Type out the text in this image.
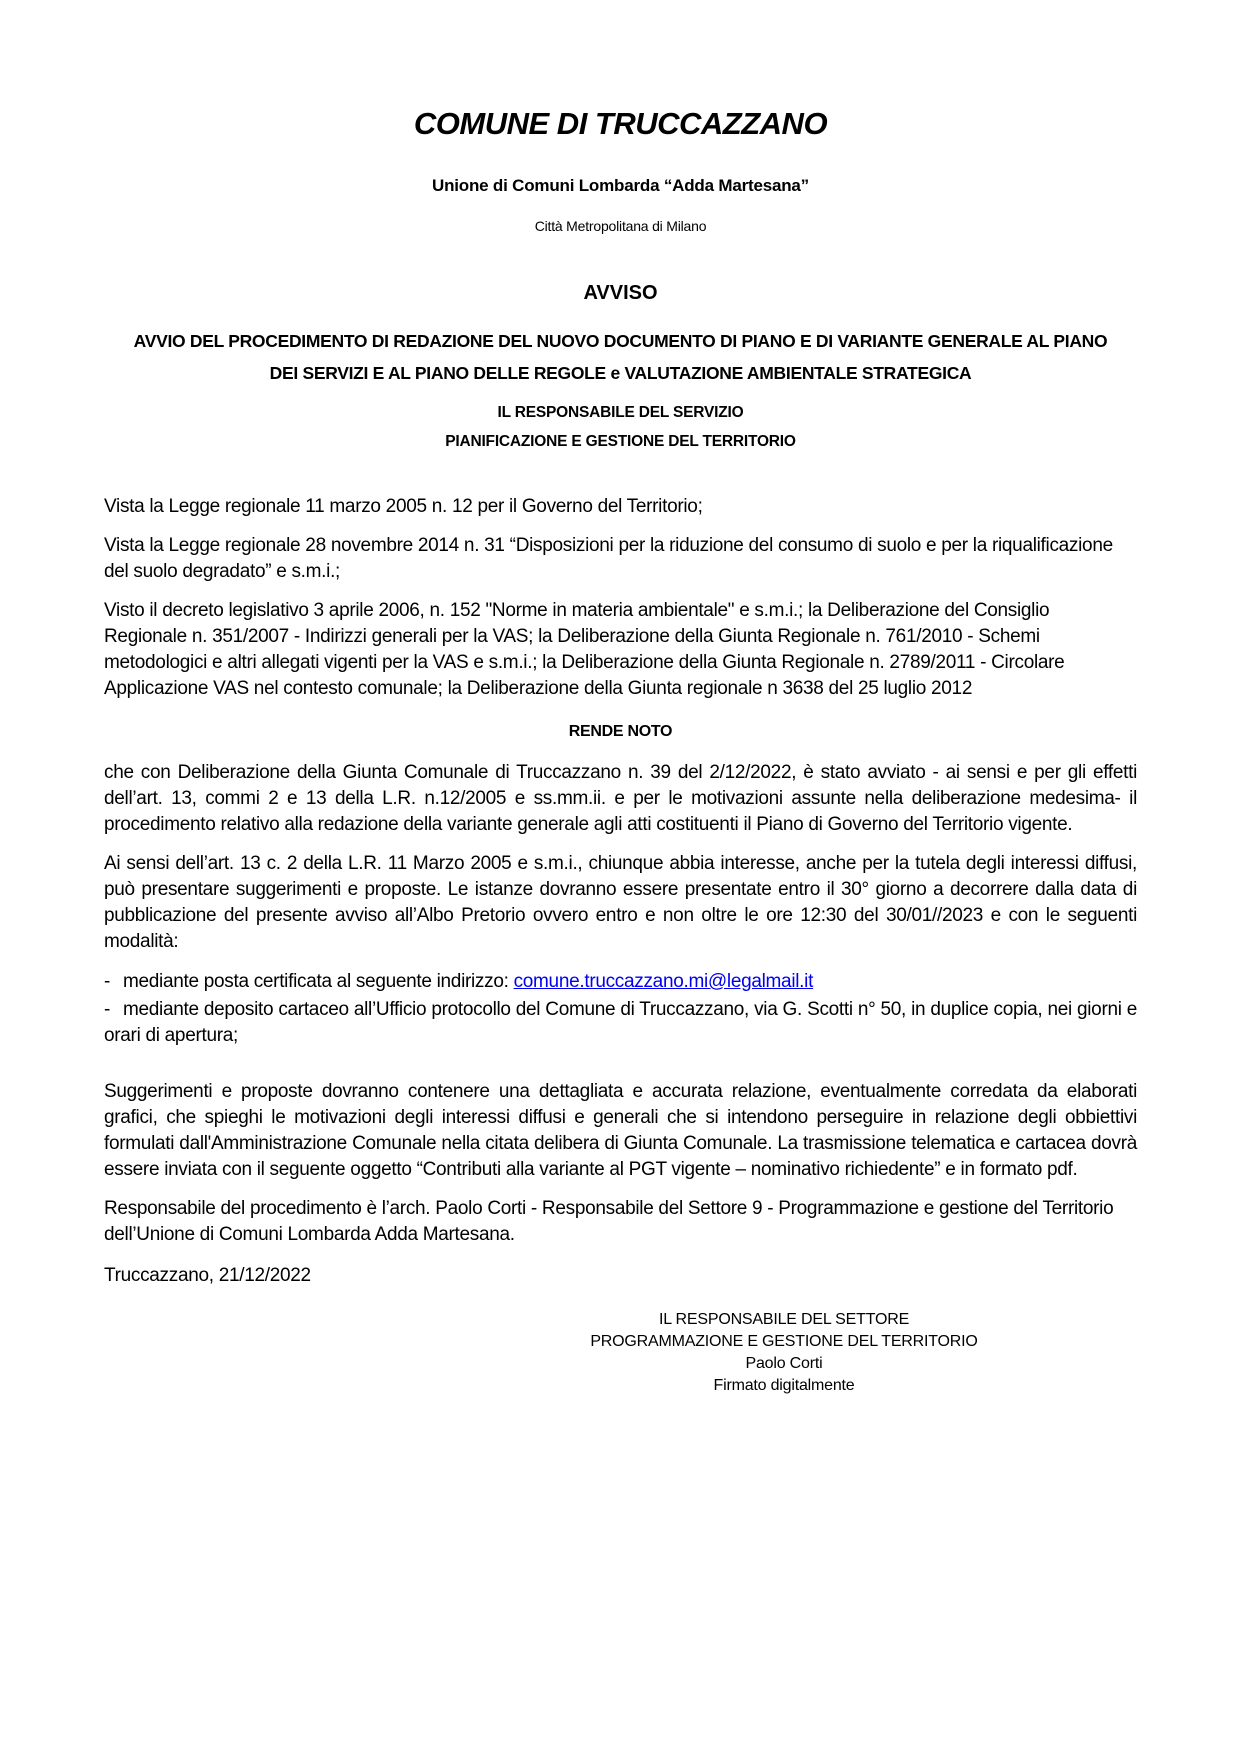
COMUNE DI TRUCCAZZANO
Unione di Comuni Lombarda “Adda Martesana”
Città Metropolitana di Milano
AVVISO
AVVIO DEL PROCEDIMENTO DI REDAZIONE DEL NUOVO DOCUMENTO DI PIANO E DI VARIANTE GENERALE AL PIANO
DEI SERVIZI E AL PIANO DELLE REGOLE e VALUTAZIONE AMBIENTALE STRATEGICA
IL RESPONSABILE DEL SERVIZIO
PIANIFICAZIONE E GESTIONE DEL TERRITORIO

Vista la Legge regionale 11 marzo 2005 n. 12 per il Governo del Territorio;

Vista la Legge regionale 28 novembre 2014 n. 31 “Disposizioni per la riduzione del consumo di suolo e per la riqualificazione del suolo degradato” e s.m.i.;

Visto il decreto legislativo 3 aprile 2006, n. 152 "Norme in materia ambientale" e s.m.i.; la Deliberazione del Consiglio Regionale n. 351/2007 - Indirizzi generali per la VAS; la Deliberazione della Giunta Regionale n. 761/2010 - Schemi metodologici e altri allegati vigenti per la VAS e s.m.i.; la Deliberazione della Giunta Regionale n. 2789/2011 - Circolare Applicazione VAS nel contesto comunale; la Deliberazione della Giunta regionale n 3638 del 25 luglio 2012

RENDE NOTO

che con Deliberazione della Giunta Comunale di Truccazzano n. 39 del 2/12/2022, è stato avviato - ai sensi e per gli effetti dell’art. 13, commi 2 e 13 della L.R. n.12/2005 e ss.mm.ii. e per le motivazioni assunte nella deliberazione medesima- il procedimento relativo alla redazione della variante generale agli atti costituenti il Piano di Governo del Territorio vigente.

Ai sensi dell’art. 13 c. 2 della L.R. 11 Marzo 2005 e s.m.i., chiunque abbia interesse, anche per la tutela degli interessi diffusi, può presentare suggerimenti e proposte. Le istanze dovranno essere presentate entro il 30° giorno a decorrere dalla data di pubblicazione del presente avviso all’Albo Pretorio ovvero entro e non oltre le ore 12:30 del 30/01//2023 e con le seguenti modalità:

- mediante posta certificata al seguente indirizzo: comune.truccazzano.mi@legalmail.it
- mediante deposito cartaceo all’Ufficio protocollo del Comune di Truccazzano, via G. Scotti n° 50, in duplice copia, nei giorni e orari di apertura;

Suggerimenti e proposte dovranno contenere una dettagliata e accurata relazione, eventualmente corredata da elaborati grafici, che spieghi le motivazioni degli interessi diffusi e generali che si intendono perseguire in relazione degli obbiettivi formulati dall'Amministrazione Comunale nella citata delibera di Giunta Comunale. La trasmissione telematica e cartacea dovrà essere inviata con il seguente oggetto “Contributi alla variante al PGT vigente – nominativo richiedente” e in formato pdf.

Responsabile del procedimento è l’arch. Paolo Corti - Responsabile del Settore 9 - Programmazione e gestione del Territorio dell’Unione di Comuni Lombarda Adda Martesana.

Truccazzano, 21/12/2022

IL RESPONSABILE DEL SETTORE
PROGRAMMAZIONE E GESTIONE DEL TERRITORIO
Paolo Corti
Firmato digitalmente
